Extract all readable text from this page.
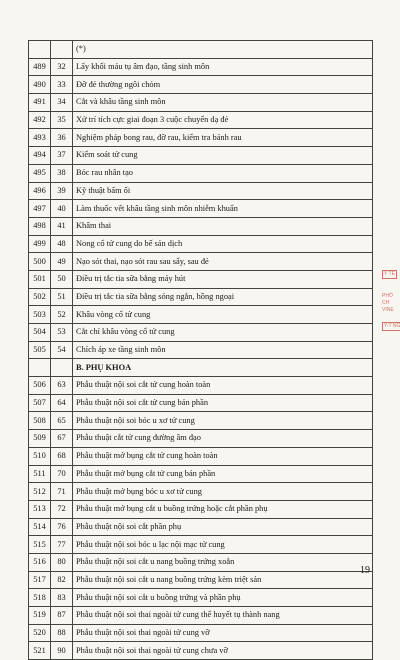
		(*)
489	32	Lấy khối máu tụ âm đạo, tầng sinh môn
490	33	Đỡ đẻ thường ngôi chỏm
491	34	Cắt và khâu tầng sinh môn
492	35	Xử trí tích cực giai đoạn 3 cuộc chuyển dạ đẻ
493	36	Nghiệm pháp bong rau, đỡ rau, kiểm tra bánh rau
494	37	Kiểm soát tử cung
495	38	Bóc rau nhân tạo
496	39	Kỹ thuật bấm ối
497	40	Làm thuốc vết khâu tầng sinh môn nhiễm khuẩn
498	41	Khâm thai
499	48	Nong cổ tử cung do bế sản dịch
500	49	Nạo sót thai, nạo sót rau sau sẩy, sau đẻ
501	50	Điều trị tắc tia sữa bằng máy hút
502	51	Điều trị tắc tia sữa bằng sóng ngắn, hồng ngoại
503	52	Khâu vòng cổ tử cung
504	53	Cắt chỉ khâu vòng cổ tử cung
505	54	Chích áp xe tầng sinh môn
		B. PHỤ KHOA
506	63	Phẫu thuật nội soi cắt tử cung hoàn toàn
507	64	Phẫu thuật nội soi cắt tử cung bán phần
508	65	Phẫu thuật nội soi bóc u xơ tử cung
509	67	Phẫu thuật cắt tử cung đường âm đạo
510	68	Phẫu thuật mở bụng cắt tử cung hoàn toàn
511	70	Phẫu thuật mở bụng cắt tử cung bán phần
512	71	Phẫu thuật mở bụng bóc u xơ tử cung
513	72	Phẫu thuật mở bụng cắt u buồng trứng hoặc cắt phần phụ
514	76	Phẫu thuật nội soi cắt phần phụ
515	77	Phẫu thuật nội soi bóc u lạc nội mạc tử cung
516	80	Phẫu thuật nội soi cắt u nang buồng trứng xoắn
517	82	Phẫu thuật nội soi cắt u nang buồng trứng kèm triệt sản
518	83	Phẫu thuật nội soi cắt u buồng trứng và phần phụ
519	87	Phẫu thuật nội soi thai ngoài tử cung thể huyết tụ thành nang
520	88	Phẫu thuật nội soi thai ngoài tử cung vỡ
521	90	Phẫu thuật nội soi thai ngoài tử cung chưa vỡ
Y TẾ
PHÒ
CH
VINE
Y-T NG
19
